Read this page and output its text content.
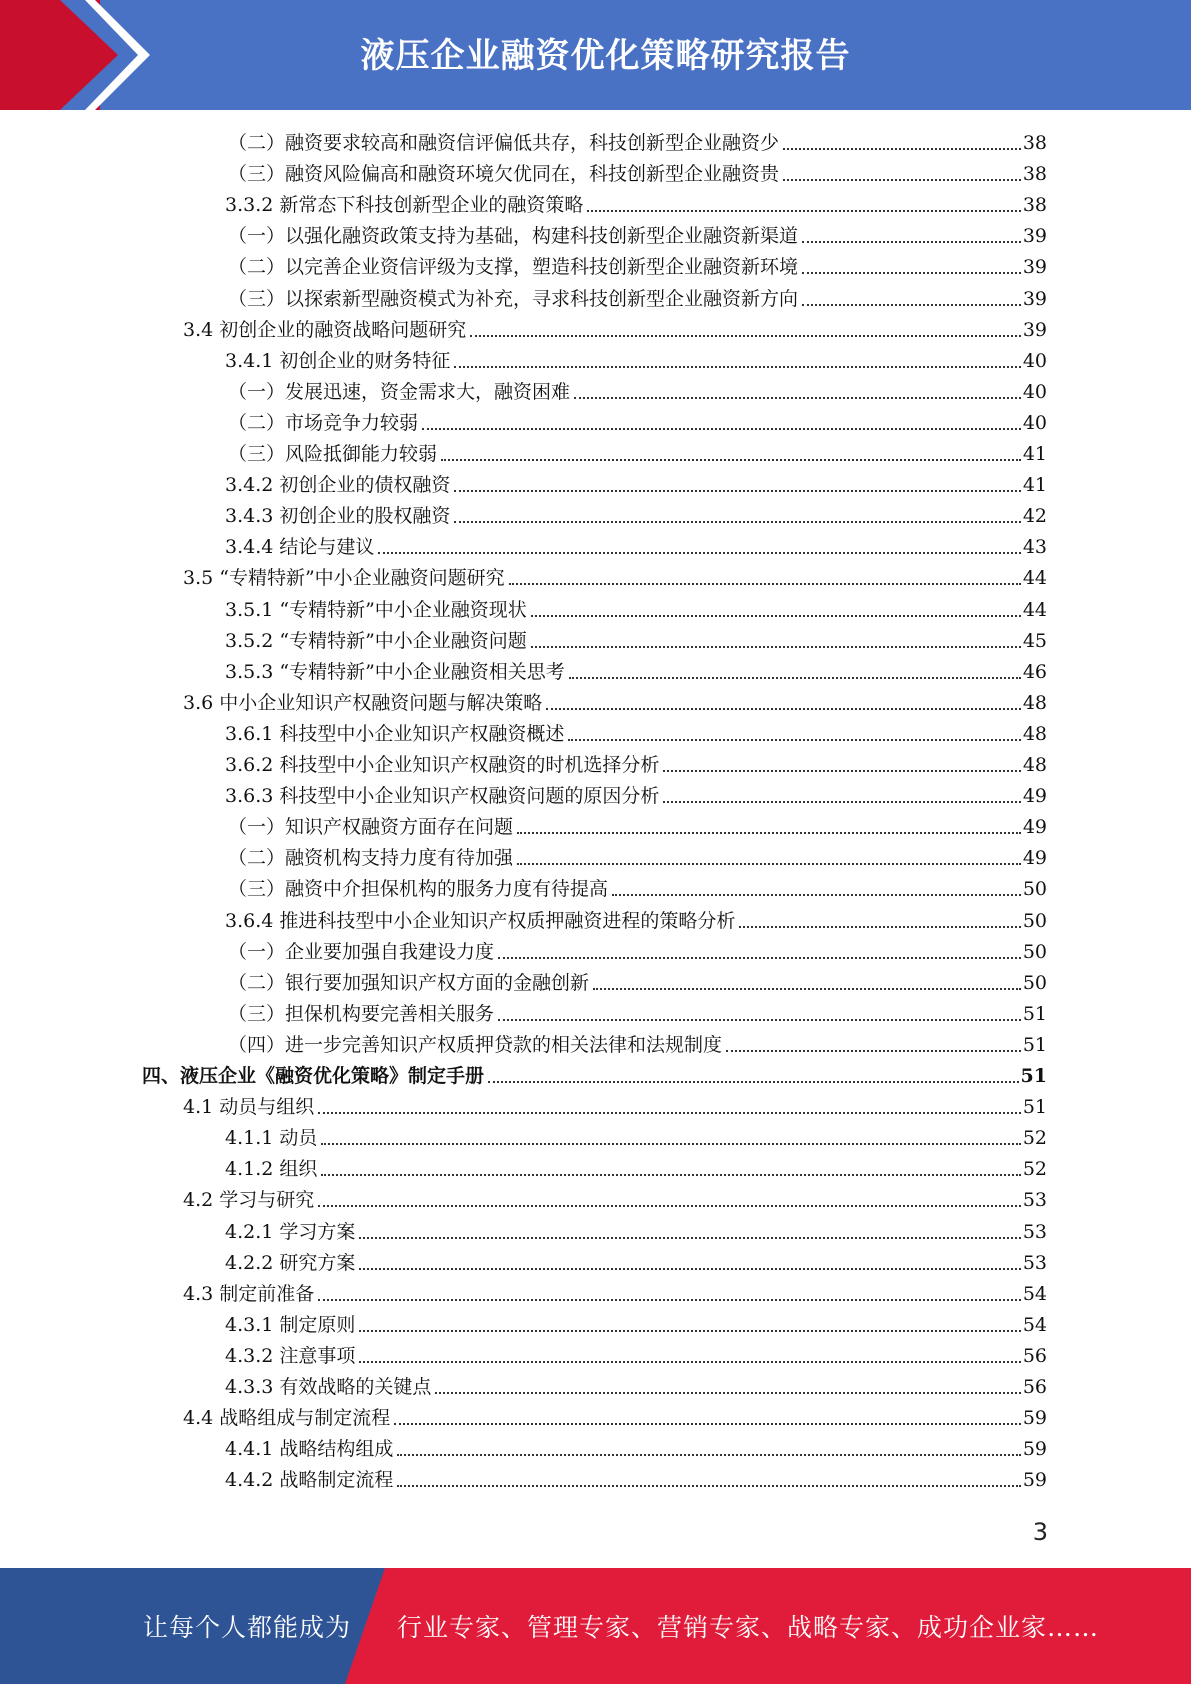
液压企业融资优化策略研究报告
（二）融资要求较高和融资信评偏低共存，科技创新型企业融资少	38
（三）融资风险偏高和融资环境欠优同在，科技创新型企业融资贵	38
3.3.2 新常态下科技创新型企业的融资策略	38
（一）以强化融资政策支持为基础，构建科技创新型企业融资新渠道	39
（二）以完善企业资信评级为支撑，塑造科技创新型企业融资新环境	39
（三）以探索新型融资模式为补充，寻求科技创新型企业融资新方向	39
3.4 初创企业的融资战略问题研究	39
3.4.1 初创企业的财务特征	40
（一）发展迅速，资金需求大，融资困难	40
（二）市场竞争力较弱	40
（三）风险抵御能力较弱	41
3.4.2 初创企业的债权融资	41
3.4.3 初创企业的股权融资	42
3.4.4 结论与建议	43
3.5 “专精特新”中小企业融资问题研究	44
3.5.1 “专精特新”中小企业融资现状	44
3.5.2 “专精特新”中小企业融资问题	45
3.5.3 “专精特新”中小企业融资相关思考	46
3.6 中小企业知识产权融资问题与解决策略	48
3.6.1 科技型中小企业知识产权融资概述	48
3.6.2 科技型中小企业知识产权融资的时机选择分析	48
3.6.3 科技型中小企业知识产权融资问题的原因分析	49
（一）知识产权融资方面存在问题	49
（二）融资机构支持力度有待加强	49
（三）融资中介担保机构的服务力度有待提高	50
3.6.4 推进科技型中小企业知识产权质押融资进程的策略分析	50
（一）企业要加强自我建设力度	50
（二）银行要加强知识产权方面的金融创新	50
（三）担保机构要完善相关服务	51
（四）进一步完善知识产权质押贷款的相关法律和法规制度	51
四、液压企业《融资优化策略》制定手册	51
4.1 动员与组织	51
4.1.1 动员	52
4.1.2 组织	52
4.2 学习与研究	53
4.2.1 学习方案	53
4.2.2 研究方案	53
4.3 制定前准备	54
4.3.1 制定原则	54
4.3.2 注意事项	56
4.3.3 有效战略的关键点	56
4.4 战略组成与制定流程	59
4.4.1 战略结构组成	59
4.4.2 战略制定流程	59
3
让每个人都能成为 行业专家、管理专家、营销专家、战略专家、成功企业家……
